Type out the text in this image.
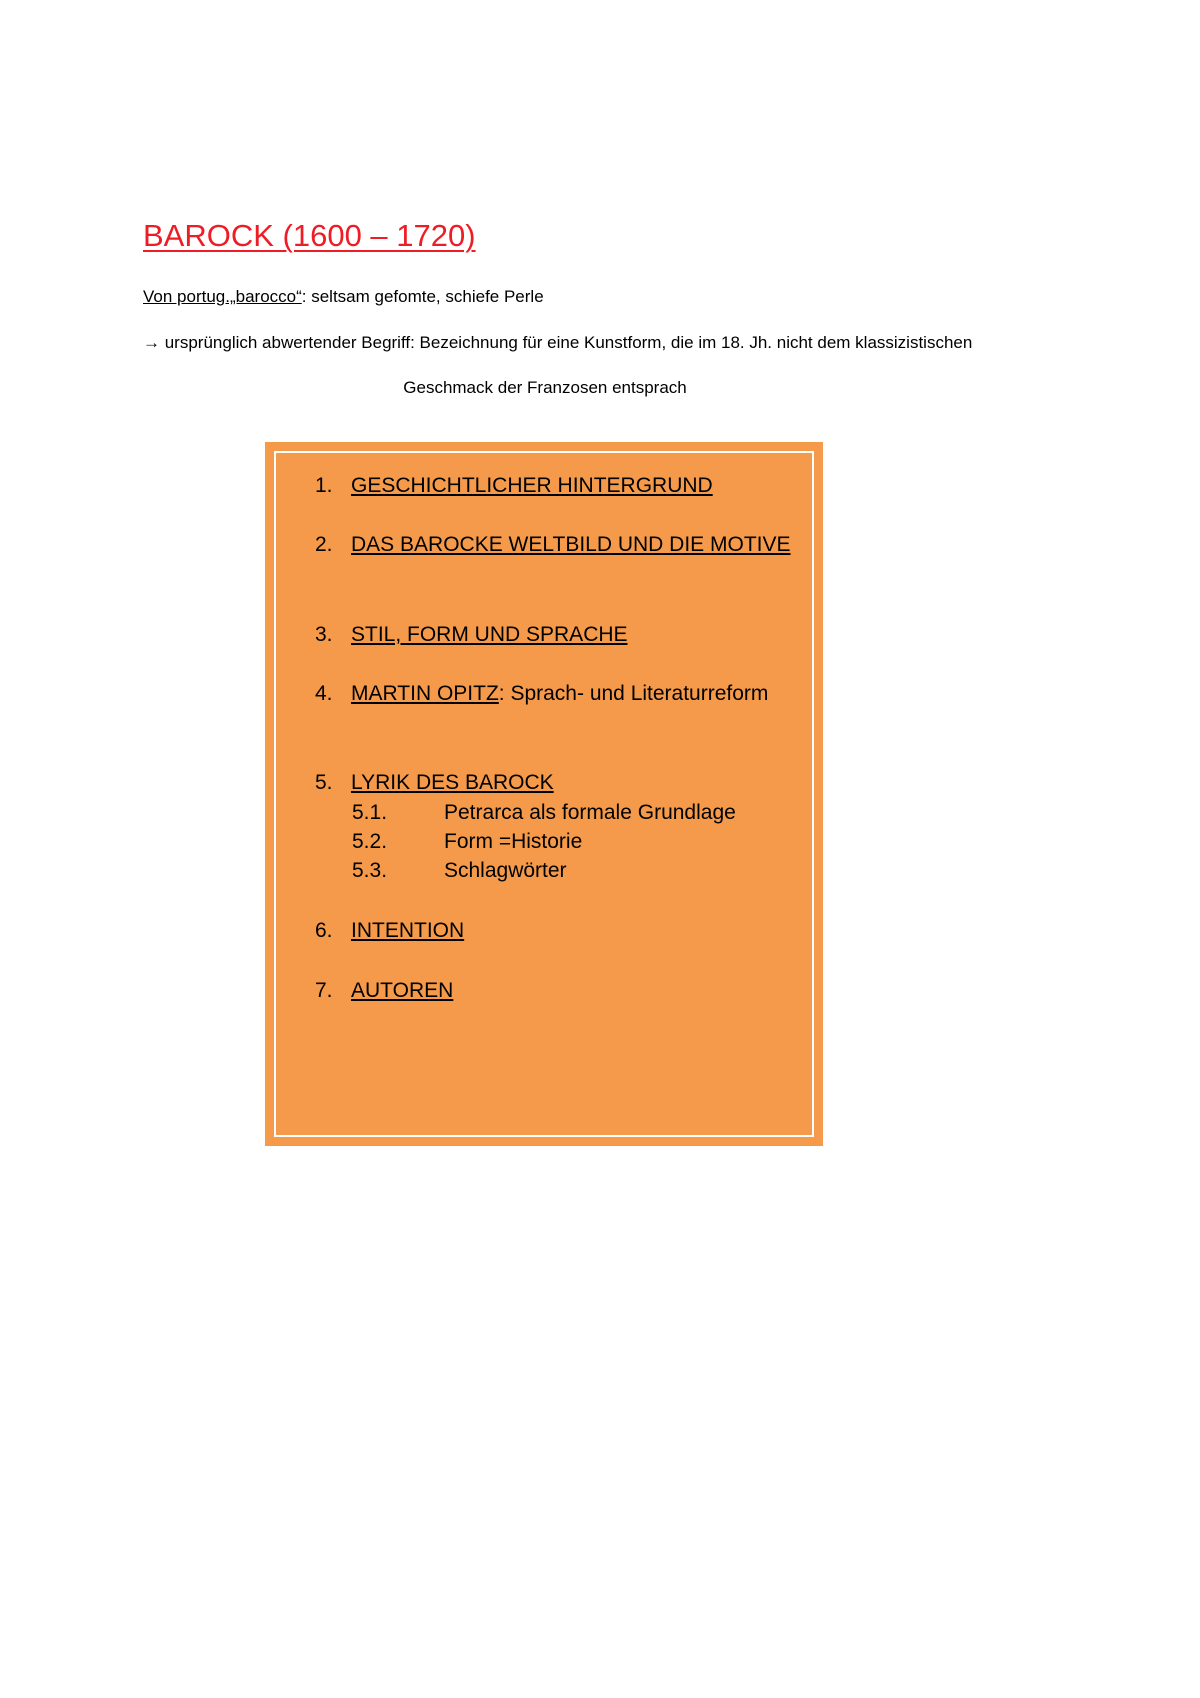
BAROCK (1600 – 1720)
Von portug.„barocco“: seltsam gefomte, schiefe Perle
→ ursprünglich abwertender Begriff: Bezeichnung für eine Kunstform, die im 18. Jh. nicht dem klassizistischen
Geschmack der Franzosen entsprach
1. GESCHICHTLICHER HINTERGRUND
2. DAS BAROCKE WELTBILD UND DIE MOTIVE
3. STIL, FORM UND SPRACHE
4. MARTIN OPITZ: Sprach- und Literaturreform
5. LYRIK DES BAROCK
5.1.	Petrarca als formale Grundlage
5.2.	Form =Historie
5.3.	Schlagwörter
6. INTENTION
7. AUTOREN
